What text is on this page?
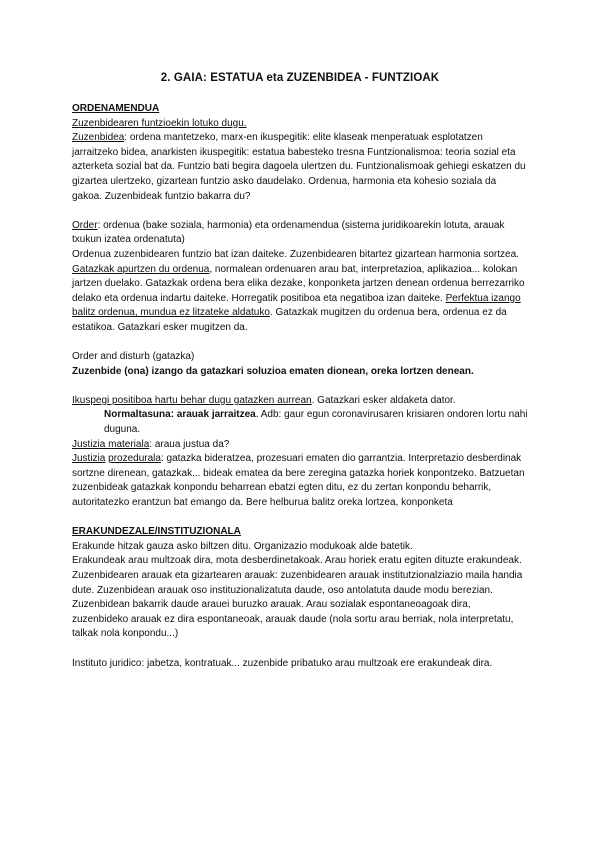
2. GAIA: ESTATUA eta ZUZENBIDEA - FUNTZIOAK

ORDENAMENDUA

Zuzenbidearen funtzioekin lotuko dugu.

Zuzenbidea: ordena mantetzeko, marx-en ikuspegitik: elite klaseak menperatuak esplotatzen jarraitzeko bidea, anarkisten ikuspegitik: estatua babesteko tresna Funtzionalismoa: teoria sozial eta azterketa sozial bat da. Funtzio bati begira dagoela ulertzen du. Funtzionalismoak gehiegi eskatzen du gizartea ulertzeko, gizartean funtzio asko daudelako. Ordenua, harmonia eta kohesio soziala da gakoa. Zuzenbideak funtzio bakarra du?

Order: ordenua (bake soziala, harmonia) eta ordenamendua (sistema juridikoarekin lotuta, arauak txukun izatea ordenatuta)

Ordenua zuzenbidearen funtzio bat izan daiteke. Zuzenbidearen bitartez gizartean harmonia sortzea.

Gatazkak apurtzen du ordenua, normalean ordenuaren arau bat, interpretazioa, aplikazioa... kolokan jartzen duelako. Gatazkak ordena bera elika dezake, konponketa jartzen denean ordenua berrezarriko delako eta ordenua indartu daiteke. Horregatik positiboa eta negatiboa izan daiteke. Perfektua izango balitz ordenua, mundua ez litzateke aldatuko. Gatazkak mugitzen du ordenua bera, ordenua ez da estatikoa. Gatazkari esker mugitzen da.

Order and disturb (gatazka)

Zuzenbide (ona) izango da gatazkari soluzioa ematen dionean, oreka lortzen denean.

Ikuspegi positiboa hartu behar dugu gatazken aurrean. Gatazkari esker aldaketa dator.

Normaltasuna: arauak jarraitzea. Adb: gaur egun coronavirusaren krisiaren ondoren lortu nahi duguna.

Justizia materiala: araua justua da?

Justizia prozedurala: gatazka bideratzea, prozesuari ematen dio garrantzia. Interpretazio desberdinak sortzne direnean, gatazkak... bideak ematea da bere zeregina gatazka horiek konpontzeko. Batzuetan zuzenbideak gatazkak konpondu beharrean ebatzi egten ditu, ez du zertan konpondu beharrik, autoritatezko erantzun bat emango da. Bere helburua balitz oreka lortzea, konponketa

ERAKUNDEZALE/INSTITUZIONALA

Erakunde hitzak gauza asko biltzen ditu. Organizazio modukoak alde batetik.

Erakundeak arau multzoak dira, mota desberdinetakoak. Arau horiek eratu egiten dituzte erakundeak.

Zuzenbidearen arauak eta gizartearen arauak: zuzenbidearen arauak institutzionalziazio maila handia dute. Zuzenbidean arauak oso instituzionalizatuta daude, oso antolatuta daude modu berezian. Zuzenbidean bakarrik daude arauei buruzko arauak. Arau sozialak espontaneoagoak dira, zuzenbideko arauak ez dira espontaneoak, arauak daude (nola sortu arau berriak, nola interpretatu, talkak nola konpondu...)

Instituto juridico: jabetza, kontratuak... zuzenbide pribatuko arau multzoak ere erakundeak dira.
